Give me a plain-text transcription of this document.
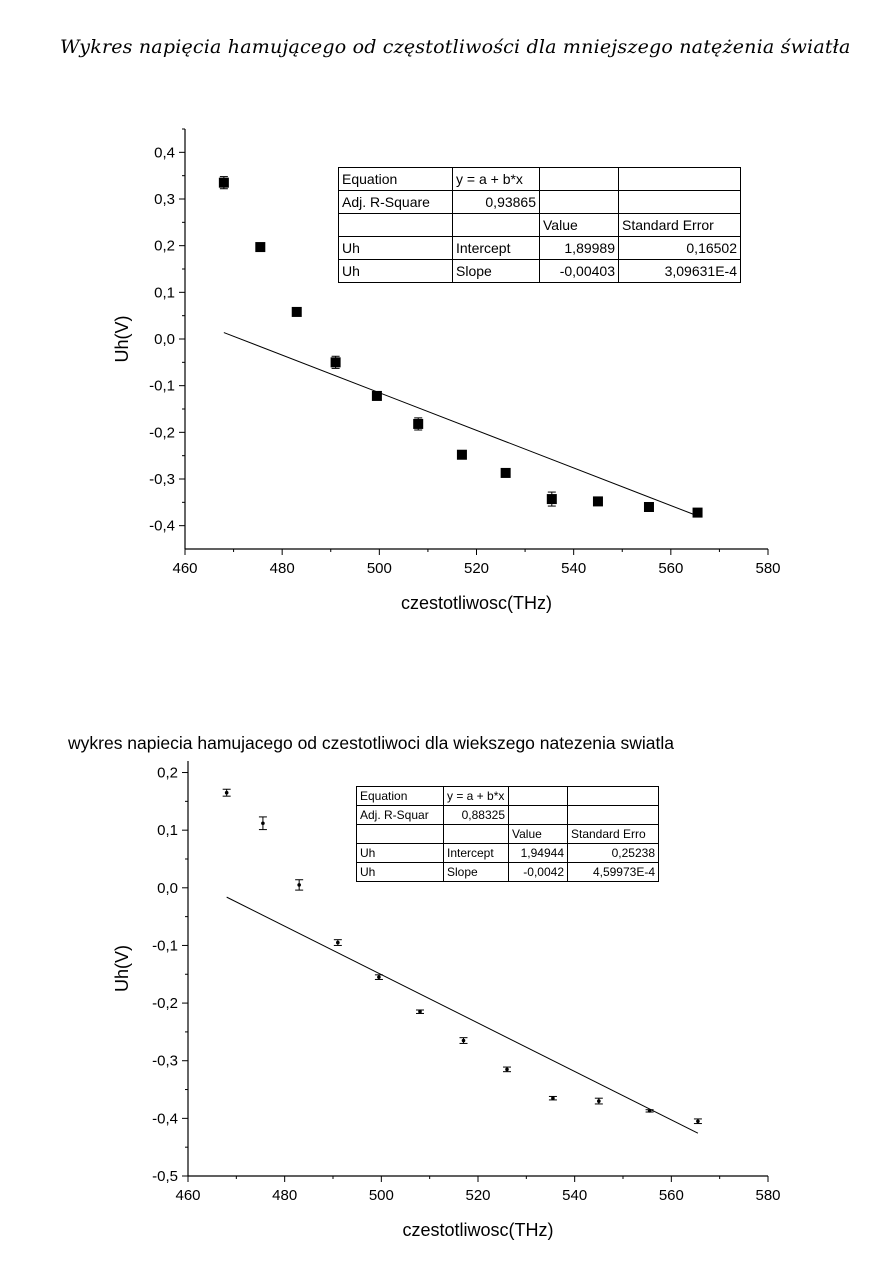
Wykres napięcia hamującego od częstotliwości dla mniejszego natężenia światła
460	480	500	520	540	560	580
0,4
0,3
0,2
0,1
0,0
-0,1
-0,2
-0,3
-0,4
czestotliwosc(THz)
Uh(V)
Equation	y = a + b*x		
Adj. R-Square	0,93865		
		Value	Standard Error
Uh	Intercept	1,89989	0,16502
Uh	Slope	-0,00403	3,09631E-4
wykres napiecia hamujacego od czestotliwoci dla wiekszego natezenia swiatla
460	480	500	520	540	560	580
0,2
0,1
0,0
-0,1
-0,2
-0,3
-0,4
-0,5
czestotliwosc(THz)
Uh(V)
Equation	y = a + b*x		
Adj. R-Squar	0,88325		
		Value	Standard Erro
Uh	Intercept	1,94944	0,25238
Uh	Slope	-0,0042	4,59973E-4
